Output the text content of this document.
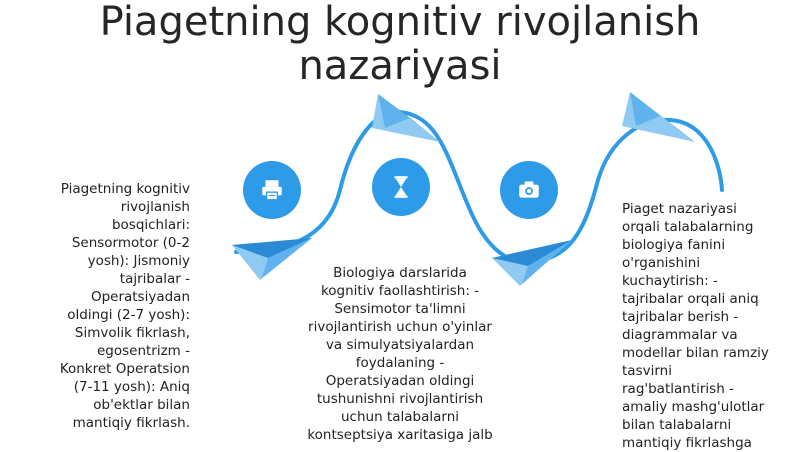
Piagetning kognitiv rivojlanish
nazariyasi

Piagetning kognitiv
rivojlanish
bosqichlari:
Sensormotor (0-2
yosh): Jismoniy
tajribalar -
Operatsiyadan
oldingi (2-7 yosh):
Simvolik fikrlash,
egosentrizm -
Konkret Operatsion
(7-11 yosh): Aniq
ob'ektlar bilan
mantiqiy fikrlash.

Biologiya darslarida
kognitiv faollashtirish: -
Sensimotor ta'limni
rivojlantirish uchun o'yinlar
va simulyatsiyalardan
foydalaning -
Operatsiyadan oldingi
tushunishni rivojlantirish
uchun talabalarni
kontseptsiya xaritasiga jalb

Piaget nazariyasi
orqali talabalarning
biologiya fanini
o'rganishini
kuchaytirish: -
tajribalar orqali aniq
tajribalar berish -
diagrammalar va
modellar bilan ramziy
tasvirni
rag'batlantirish -
amaliy mashg'ulotlar
bilan talabalarni
mantiqiy fikrlashga
